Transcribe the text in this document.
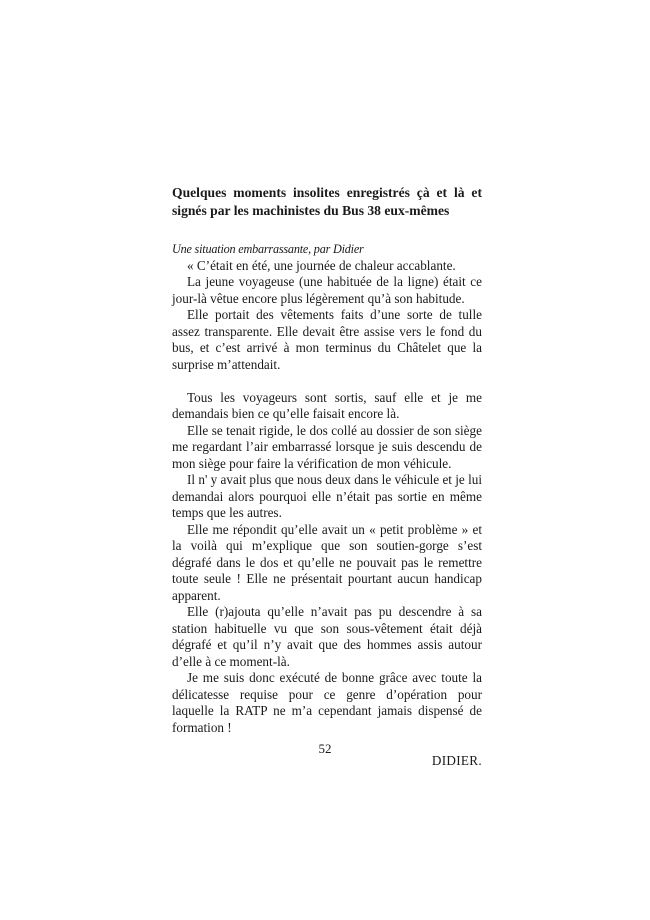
Quelques moments insolites enregistrés çà et là et signés par les machinistes du Bus 38 eux-mêmes

Une situation embarrassante, par Didier

« C’était en été, une journée de chaleur accablante.

La jeune voyageuse (une habituée de la ligne) était ce jour-là vêtue encore plus légèrement qu’à son habitude.

Elle portait des vêtements faits d’une sorte de tulle assez transparente. Elle devait être assise vers le fond du bus, et c’est arrivé à mon terminus du Châtelet que la surprise m’attendait.

Tous les voyageurs sont sortis, sauf elle et je me demandais bien ce qu’elle faisait encore là.

Elle se tenait rigide, le dos collé au dossier de son siège me regardant l’air embarrassé lorsque je suis descendu de mon siège pour faire la vérification de mon véhicule.

Il n' y avait plus que nous deux dans le véhicule et je lui demandai alors pourquoi elle n’était pas sortie en même temps que les autres.

Elle me répondit qu’elle avait un « petit problème » et la voilà qui m’explique que son soutien-gorge s’est dégrafé dans le dos et qu’elle ne pouvait pas le remettre toute seule ! Elle ne présentait pourtant aucun handicap apparent.

Elle (r)ajouta qu’elle n’avait pas pu descendre à sa station habituelle vu que son sous-vêtement était déjà dégrafé et qu’il n’y avait que des hommes assis autour d’elle à ce moment-là.

Je me suis donc exécuté de bonne grâce avec toute la délicatesse requise pour ce genre d’opération pour laquelle la RATP ne m’a cependant jamais dispensé de formation !

DIDIER.

52
